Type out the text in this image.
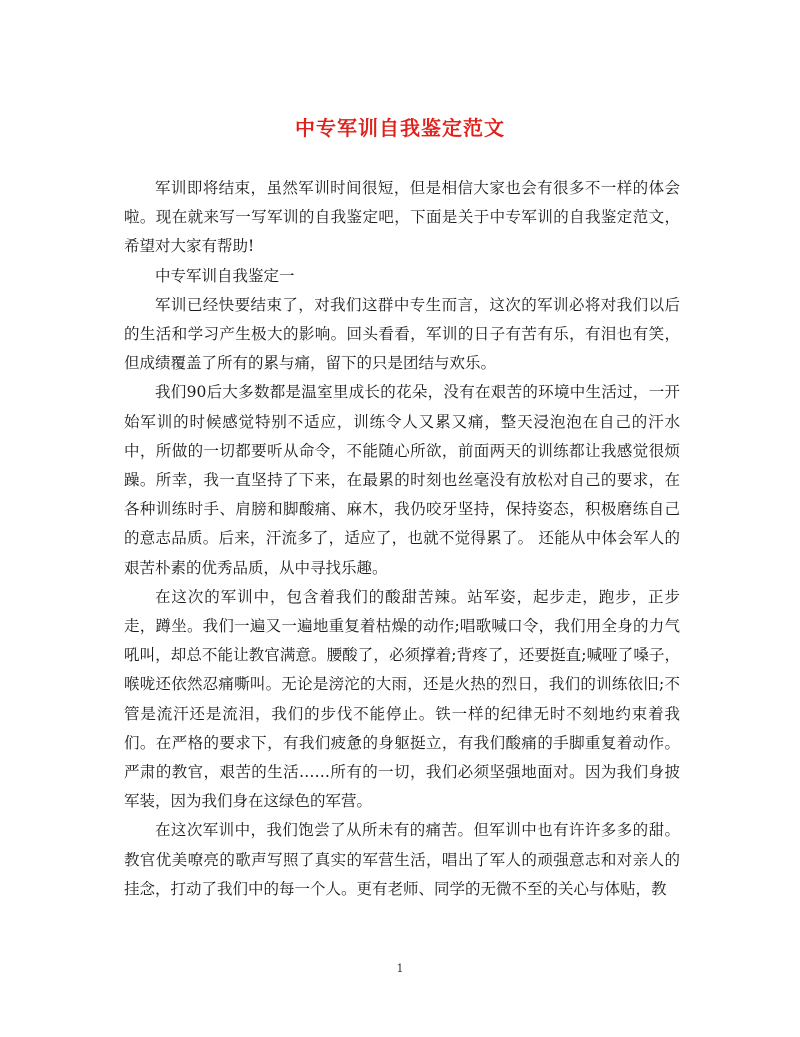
中专军训自我鉴定范文

军训即将结束，虽然军训时间很短，但是相信大家也会有很多不一样的体会啦。现在就来写一写军训的自我鉴定吧，下面是关于中专军训的自我鉴定范文，希望对大家有帮助!

中专军训自我鉴定一

军训已经快要结束了，对我们这群中专生而言，这次的军训必将对我们以后的生活和学习产生极大的影响。回头看看，军训的日子有苦有乐，有泪也有笑，但成绩覆盖了所有的累与痛，留下的只是团结与欢乐。

我们90后大多数都是温室里成长的花朵，没有在艰苦的环境中生活过，一开始军训的时候感觉特别不适应，训练令人又累又痛，整天浸泡泡在自己的汗水中，所做的一切都要听从命令，不能随心所欲，前面两天的训练都让我感觉很烦躁。所幸，我一直坚持了下来，在最累的时刻也丝毫没有放松对自己的要求，在各种训练时手、肩膀和脚酸痛、麻木，我仍咬牙坚持，保持姿态，积极磨练自己的意志品质。后来，汗流多了，适应了，也就不觉得累了。 还能从中体会军人的艰苦朴素的优秀品质，从中寻找乐趣。

在这次的军训中，包含着我们的酸甜苦辣。站军姿，起步走，跑步，正步走，蹲坐。我们一遍又一遍地重复着枯燥的动作;唱歌喊口令，我们用全身的力气吼叫，却总不能让教官满意。腰酸了，必须撑着;背疼了，还要挺直;喊哑了嗓子，喉咙还依然忍痛嘶叫。无论是滂沱的大雨，还是火热的烈日，我们的训练依旧;不管是流汗还是流泪，我们的步伐不能停止。铁一样的纪律无时不刻地约束着我们。在严格的要求下，有我们疲惫的身躯挺立，有我们酸痛的手脚重复着动作。严肃的教官，艰苦的生活……所有的一切，我们必须坚强地面对。因为我们身披军装，因为我们身在这绿色的军营。

在这次军训中，我们饱尝了从所未有的痛苦。但军训中也有许许多多的甜。教官优美嘹亮的歌声写照了真实的军营生活，唱出了军人的顽强意志和对亲人的挂念，打动了我们中的每一个人。更有老师、同学的无微不至的关心与体贴，教

1
